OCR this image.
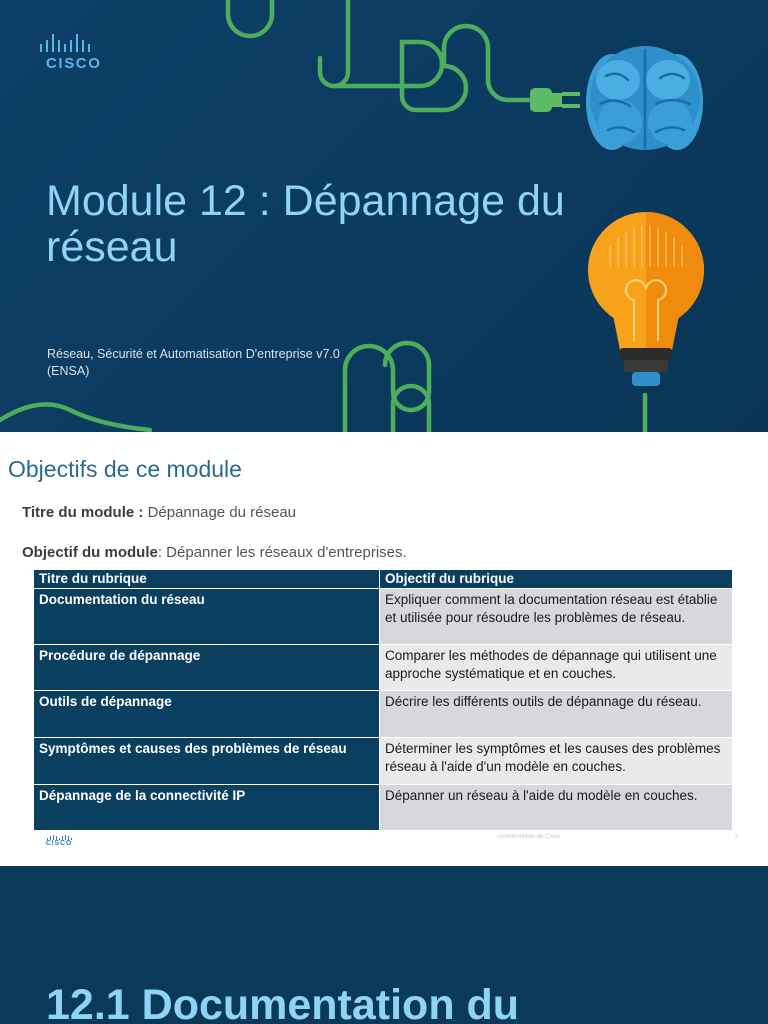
CISCO
Module 12 : Dépannage du réseau

Réseau, Sécurité et Automatisation D'entreprise v7.0 (ENSA)

Objectifs de ce module

Titre du module : Dépannage du réseau

Objectif du module: Dépanner les réseaux d'entreprises.

Titre du rubrique	Objectif du rubrique
Documentation du réseau	Expliquer comment la documentation réseau est établie et utilisée pour résoudre les problèmes de réseau.
Procédure de dépannage	Comparer les méthodes de dépannage qui utilisent une approche systématique et en couches.
Outils de dépannage	Décrire les différents outils de dépannage du réseau.
Symptômes et causes des problèmes de réseau	Déterminer les symptômes et les causes des problèmes réseau à l'aide d'un modèle en couches.
Dépannage de la connectivité IP	Dépanner un réseau à l'aide du modèle en couches.
CISCO
confidentielles de Cisco	2
12.1 Documentation du
